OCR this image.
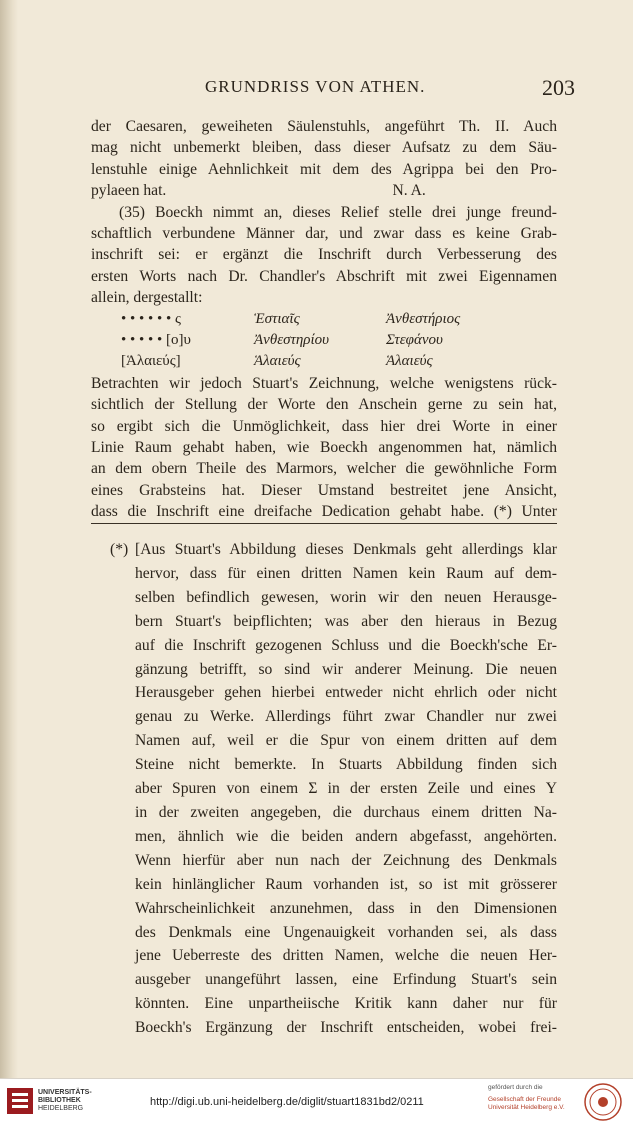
GRUNDRISS VON ATHEN.	203
der Caesaren, geweiheten Säulenstuhls, angeführt Th. II. Auch
mag nicht unbemerkt bleiben, dass dieser Aufsatz zu dem Säu-
lenstuhle einige Aehnlichkeit mit dem des Agrippa bei den Pro-
pylaeen hat.                                                          N. A.
(35) Boeckh nimmt an, dieses Relief stelle drei junge freund-
schaftlich verbundene Männer dar, und zwar dass es keine Grab-
inschrift sei: er ergänzt die Inschrift durch Verbesserung des
ersten Worts nach Dr. Chandler's Abschrift mit zwei Eigennamen
allein, dergestallt:
• • • • • • ς	Ἑστιαῖς	Ἀνθεστήριος
• • • • • [ο]υ	Ἀνθεστηρίου	Στεφάνου
[Ἁλαιεύς]	Ἁλαιεύς	Ἁλαιεύς
Betrachten wir jedoch Stuart's Zeichnung, welche wenigstens rück-
sichtlich der Stellung der Worte den Anschein gerne zu sein hat,
so ergibt sich die Unmöglichkeit, dass hier drei Worte in einer
Linie Raum gehabt haben, wie Boeckh angenommen hat, nämlich
an dem obern Theile des Marmors, welcher die gewöhnliche Form
eines Grabsteins hat. Dieser Umstand bestreitet jene Ansicht,
dass die Inschrift eine dreifache Dedication gehabt habe. (*) Unter
(*) [Aus Stuart's Abbildung dieses Denkmals geht allerdings klar
hervor, dass für einen dritten Namen kein Raum auf dem-
selben befindlich gewesen, worin wir den neuen Herausge-
bern Stuart's beipflichten; was aber den hieraus in Bezug
auf die Inschrift gezogenen Schluss und die Boeckh'sche Er-
gänzung betrifft, so sind wir anderer Meinung. Die neuen
Herausgeber gehen hierbei entweder nicht ehrlich oder nicht
genau zu Werke. Allerdings führt zwar Chandler nur zwei
Namen auf, weil er die Spur von einem dritten auf dem
Steine nicht bemerkte. In Stuarts Abbildung finden sich
aber Spuren von einem Σ in der ersten Zeile und eines Υ
in der zweiten angegeben, die durchaus einem dritten Na-
men, ähnlich wie die beiden andern abgefasst, angehörten.
Wenn hierfür aber nun nach der Zeichnung des Denkmals
kein hinlänglicher Raum vorhanden ist, so ist mit grösserer
Wahrscheinlichkeit anzunehmen, dass in den Dimensionen
des Denkmals eine Ungenauigkeit vorhanden sei, als dass
jene Ueberreste des dritten Namen, welche die neuen Her-
ausgeber unangeführt lassen, eine Erfindung Stuart's sein
könnten. Eine unpartheiische Kritik kann daher nur für
Boeckh's Ergänzung der Inschrift entscheiden, wobei frei-
UNIVERSITÄTS-
BIBLIOTHEK
HEIDELBERG
http://digi.ub.uni-heidelberg.de/diglit/stuart1831bd2/0211
gefördert durch die
Gesellschaft der Freunde
Universität Heidelberg e.V.
